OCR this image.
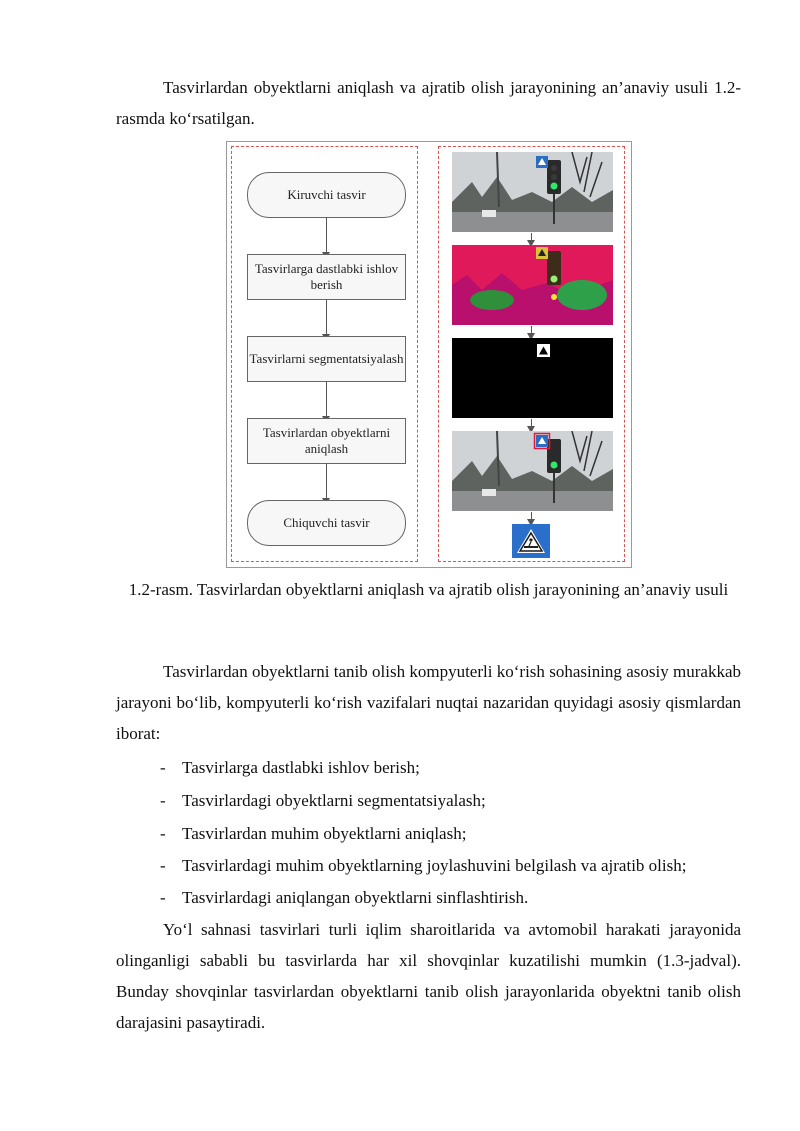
Tasvirlardan obyektlarni aniqlash va ajratib olish jarayonining an’anaviy usuli 1.2-rasmda ko‘rsatilgan.

Kiruvchi tasvir
Tasvirlarga dastlabki ishlov berish
Tasvirlarni segmentatsiyalash
Tasvirlardan obyektlarni aniqlash
Chiquvchi tasvir

1.2-rasm. Tasvirlardan obyektlarni aniqlash va ajratib olish jarayonining an’anaviy usuli

Tasvirlardan obyektlarni tanib olish kompyuterli ko‘rish sohasining asosiy murakkab jarayoni bo‘lib, kompyuterli ko‘rish vazifalari nuqtai nazaridan quyidagi asosiy qismlardan iborat:

- Tasvirlarga dastlabki ishlov berish;
- Tasvirlardagi obyektlarni segmentatsiyalash;
- Tasvirlardan muhim obyektlarni aniqlash;
- Tasvirlardagi muhim obyektlarning joylashuvini belgilash va ajratib olish;
- Tasvirlardagi aniqlangan obyektlarni sinflashtirish.

Yo‘l sahnasi tasvirlari turli iqlim sharoitlarida va avtomobil harakati jarayonida olinganligi sababli bu tasvirlarda har xil shovqinlar kuzatilishi mumkin (1.3-jadval). Bunday shovqinlar tasvirlardan obyektlarni tanib olish jarayonlarida obyektni tanib olish darajasini pasaytiradi.
